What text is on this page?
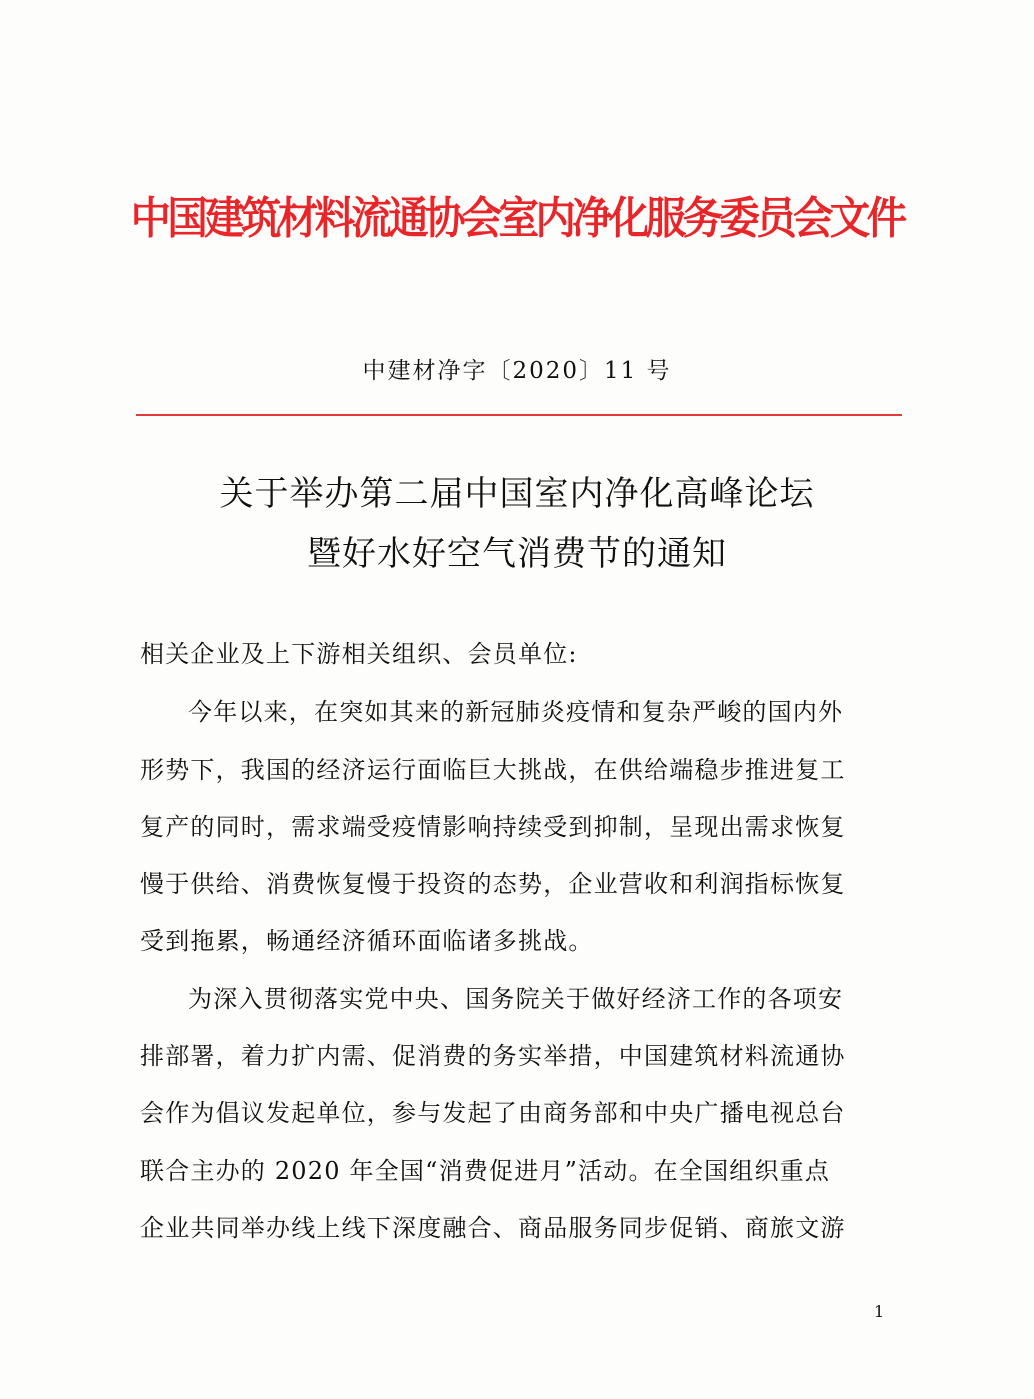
中国建筑材料流通协会室内净化服务委员会文件
中建材净字〔2020〕11 号
关于举办第二届中国室内净化高峰论坛
暨好水好空气消费节的通知
相关企业及上下游相关组织、会员单位:
今年以来，在突如其来的新冠肺炎疫情和复杂严峻的国内外
形势下，我国的经济运行面临巨大挑战，在供给端稳步推进复工
复产的同时，需求端受疫情影响持续受到抑制，呈现出需求恢复
慢于供给、消费恢复慢于投资的态势，企业营收和利润指标恢复
受到拖累，畅通经济循环面临诸多挑战。
为深入贯彻落实党中央、国务院关于做好经济工作的各项安
排部署，着力扩内需、促消费的务实举措，中国建筑材料流通协
会作为倡议发起单位，参与发起了由商务部和中央广播电视总台
联合主办的 2020 年全国“消费促进月”活动。在全国组织重点
企业共同举办线上线下深度融合、商品服务同步促销、商旅文游
1
